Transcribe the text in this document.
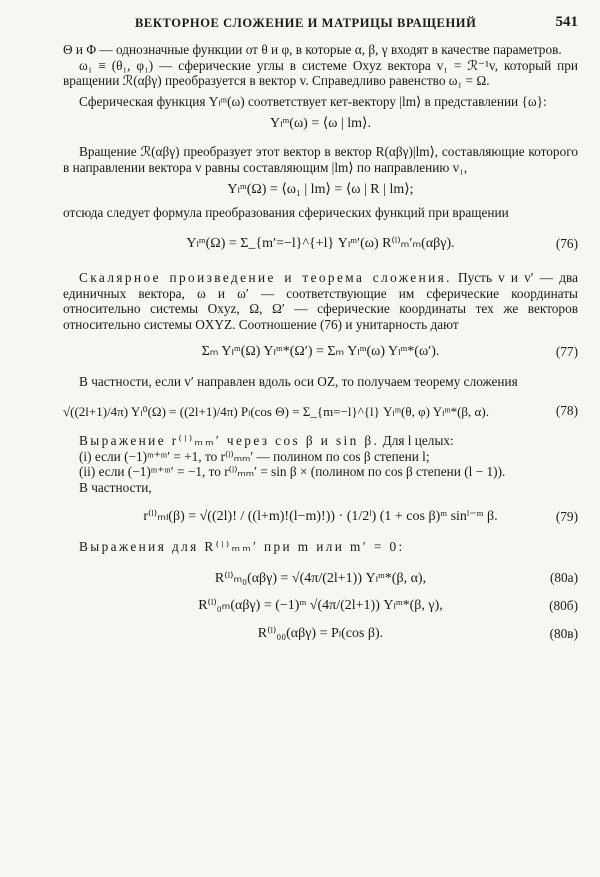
ВЕКТОРНОЕ СЛОЖЕНИЕ И МАТРИЦЫ ВРАЩЕНИЙ	541

Θ и Φ — однозначные функции от θ и φ, в которые α, β, γ входят в качестве параметров.

ω₁ ≡ (θ₁, φ₁) — сферические углы в системе Oxyz вектора v₁ = ℛ⁻¹v, который при вращении ℛ(αβγ) преобразуется в вектор v. Справедливо равенство ω₁ = Ω.

Сферическая функция Yₗᵐ(ω) соответствует кет-вектору |lm⟩ в представлении {ω}:

Yₗᵐ(ω) = ⟨ω | lm⟩.

Вращение ℛ(αβγ) преобразует этот вектор в вектор R(αβγ)|lm⟩, составляющие которого в направлении вектора v равны составляющим |lm⟩ по направлению v₁,

Yₗᵐ(Ω) = ⟨ω₁ | lm⟩ = ⟨ω | R | lm⟩;

отсюда следует формула преобразования сферических функций при вращении

Yₗᵐ(Ω) = Σ_{m′=−l}^{+l} Yₗᵐ′(ω) R⁽ˡ⁾ₘ′ₘ(αβγ).	(76)

Скалярное произведение и теорема сложения. Пусть v и v′ — два единичных вектора, ω и ω′ — соответствующие им сферические координаты относительно системы Oxyz, Ω, Ω′ — сферические координаты тех же векторов относительно системы OXYZ. Соотношение (76) и унитарность дают

Σₘ Yₗᵐ(Ω) Yₗᵐ*(Ω′) = Σₘ Yₗᵐ(ω) Yₗᵐ*(ω′).	(77)

В частности, если v′ направлен вдоль оси OZ, то получаем теорему сложения

√((2l+1)/4π) Yₗ⁰(Ω) = ((2l+1)/4π) Pₗ(cos Θ) = Σ_{m=−l}^{l} Yₗᵐ(θ, φ) Yₗᵐ*(β, α).	(78)

Выражение r⁽ˡ⁾ₘₘ′ через cos β и sin β. Для l целых:

(i) если (−1)ᵐ⁺ᵐ′ = +1, то r⁽ˡ⁾ₘₘ′ — полином по cos β степени l;

(ii) если (−1)ᵐ⁺ᵐ′ = −1, то r⁽ˡ⁾ₘₘ′ = sin β × (полином по cos β степени (l − 1)).

В частности,

r⁽ˡ⁾ₘₗ(β) = √((2l)! / ((l+m)!(l−m)!)) · (1/2ˡ) (1 + cos β)ᵐ sinˡ⁻ᵐ β.	(79)

Выражения для R⁽ˡ⁾ₘₘ′ при m или m′ = 0:

R⁽ˡ⁾ₘ₀(αβγ) = √(4π/(2l+1)) Yₗᵐ*(β, α),	(80a)
R⁽ˡ⁾₀ₘ(αβγ) = (−1)ᵐ √(4π/(2l+1)) Yₗᵐ*(β, γ),	(80б)
R⁽ˡ⁾₀₀(αβγ) = Pₗ(cos β).	(80в)
